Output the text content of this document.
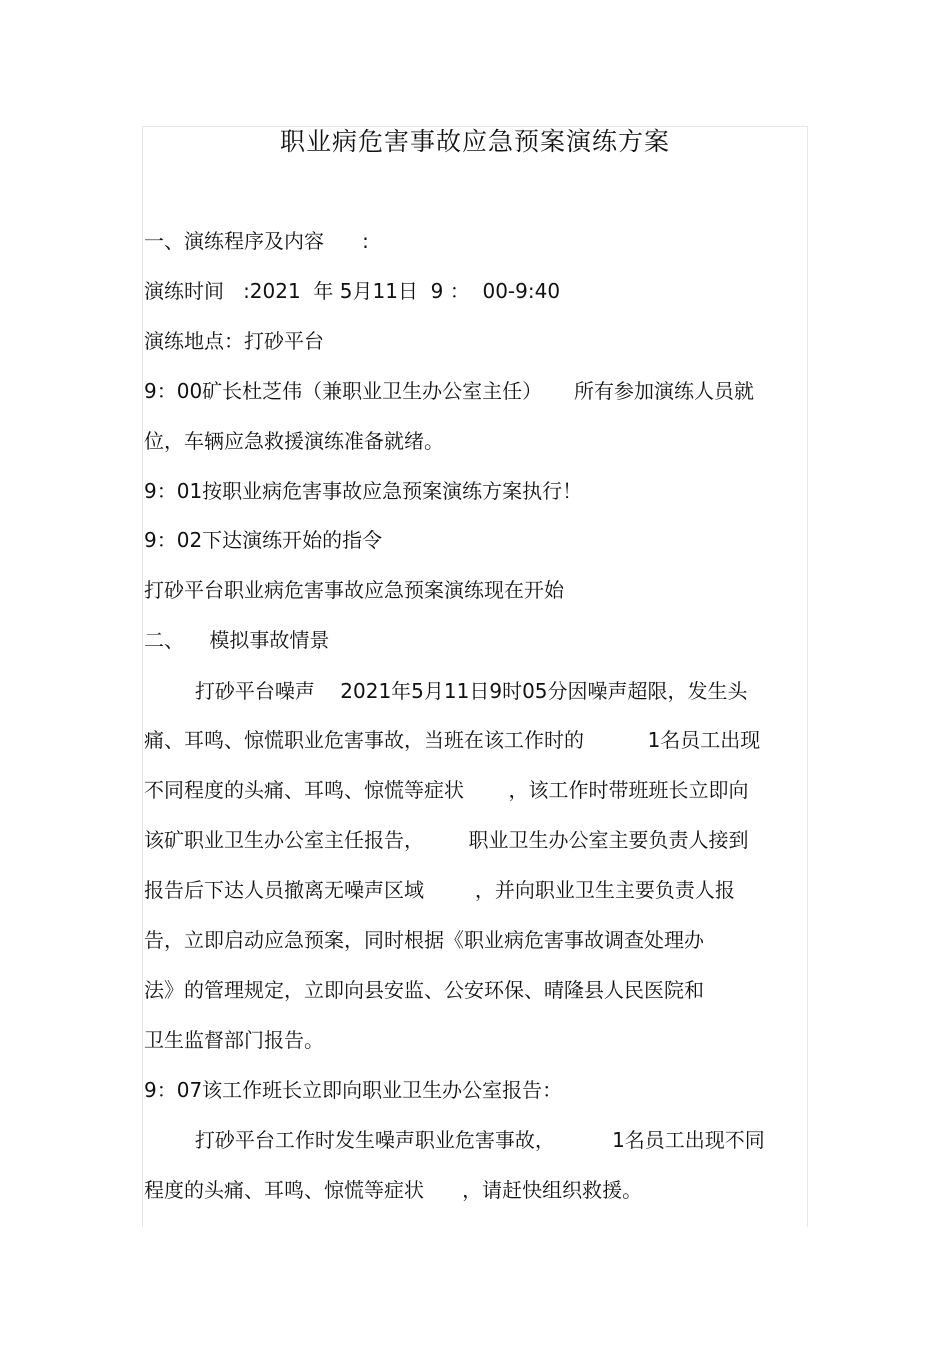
职业病危害事故应急预案演练方案

一、演练程序及内容      :

演练时间   :2021  年 5月11日  9 ：  00-9:40

演练地点：打砂平台

9：00矿长杜芝伟（兼职业卫生办公室主任）     所有参加演练人员就

位，车辆应急救援演练准备就绪。

9：01按职业病危害事故应急预案演练方案执行！

9：02下达演练开始的指令

打砂平台职业病危害事故应急预案演练现在开始

二、    模拟事故情景

打砂平台噪声    2021年5月11日9时05分因噪声超限，发生头

痛、耳鸣、惊慌职业危害事故，当班在该工作时的          1名员工出现

不同程度的头痛、耳鸣、惊慌等症状       ，该工作时带班班长立即向

该矿职业卫生办公室主任报告，       职业卫生办公室主要负责人接到

报告后下达人员撤离无噪声区域        ，并向职业卫生主要负责人报

告，立即启动应急预案，同时根据《职业病危害事故调查处理办

法》的管理规定，立即向县安监、公安环保、晴隆县人民医院和

卫生监督部门报告。

9：07该工作班长立即向职业卫生办公室报告：

打砂平台工作时发生噪声职业危害事故，         1名员工出现不同

程度的头痛、耳鸣、惊慌等症状      ，请赶快组织救援。
